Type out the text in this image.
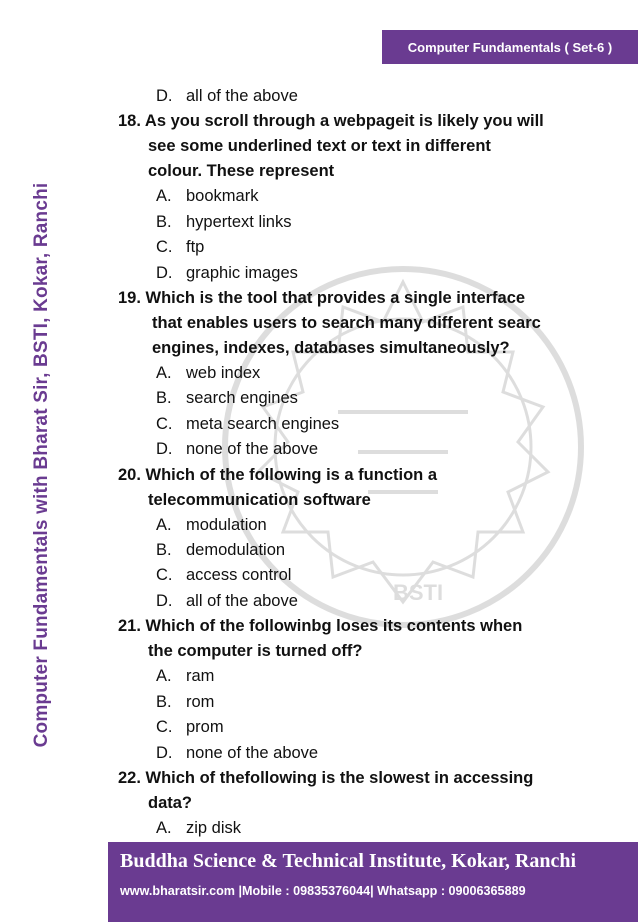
Computer Fundamentals with Bharat Sir, BSTI, Kokar, Ranchi
Computer Fundamentals ( Set-6 )
BSTI
D. all of the above
18. As you scroll through a webpageit is likely you will
see some underlined text or text in different
colour. These represent
A. bookmark
B. hypertext links
C. ftp
D. graphic images
19. Which is the tool that provides a single interface
that enables users to search many different searc
engines, indexes, databases simultaneously?
A. web index
B. search engines
C. meta search engines
D. none of the above
20. Which of the following is a function a
telecommunication software
A. modulation
B. demodulation
C. access control
D. all of the above
21. Which of the followinbg loses its contents when
the computer is turned off?
A. ram
B. rom
C. prom
D. none of the above
22. Which of thefollowing is the slowest in accessing
data?
A. zip disk
Buddha Science & Technical Institute, Kokar, Ranchi
www.bharatsir.com |Mobile : 09835376044| Whatsapp : 09006365889
